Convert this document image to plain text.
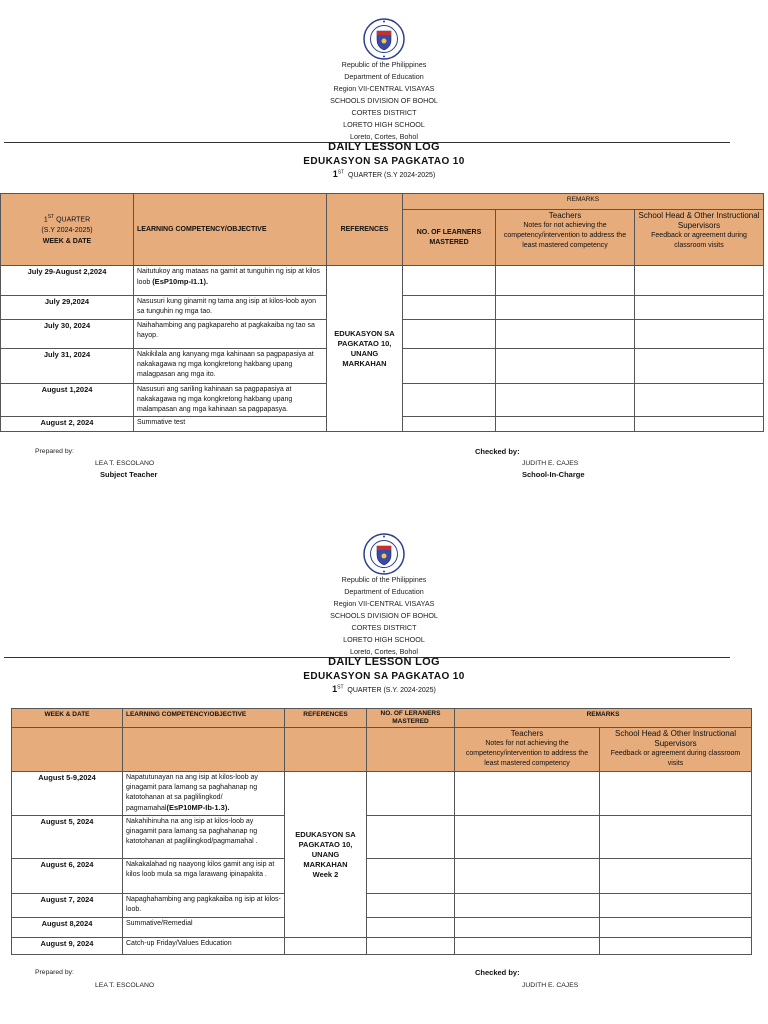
Republic of the Philippines
Department of Education
Region VII-CENTRAL VISAYAS
SCHOOLS DIVISION OF BOHOL
CORTES DISTRICT
LORETO HIGH SCHOOL
Loreto, Cortes, Bohol
DAILY LESSON LOG
EDUKASYON SA PAGKATAO 10
1ST QUARTER (S.Y 2024-2025)
1ST QUARTER
(S.Y 2024-2025)
WEEK & DATE	LEARNING COMPETENCY/OBJECTIVE	REFERENCES	REMARKS		
			NO. OF LEARNERS MASTERED	Teachers
Notes for not achieving the competency/intervention to address the least mastered competency	School Head & Other Instructional Supervisors
Feedback or agreement during classroom visits

July 29-August 2,2024	Naitutukoy ang mataas na gamit at tunguhin ng isip at kilos loob (EsP10mp-I1.1).	EDUKASYON SA PAGKATAO 10, UNANG MARKAHAN			
July 29,2024	Nasusuri kung ginamit ng tama ang isip at kilos-loob ayon sa tunguhin ng mga tao.				
July 30, 2024	Naihahambing ang pagkapareho at pagkakaiba ng tao sa hayop.				
July 31, 2024	Nakikilala ang kanyang mga kahinaan sa pagpapasiya at nakakagawa ng mga kongkretong hakbang upang malagpasan ang mga ito.				
August 1,2024	Nasusuri ang sariling kahinaan sa pagpapasiya at nakakagawa ng mga kongkretong hakbang upang malampasan ang mga kahinaan sa pagpapasya.				
August 2, 2024	Summative test				
Prepared by:
LEA T. ESCOLANO
Subject Teacher
Checked by:
JUDITH E. CAJES
School-In-Charge
Republic of the Philippines
Department of Education
Region VII-CENTRAL VISAYAS
SCHOOLS DIVISION OF BOHOL
CORTES DISTRICT
LORETO HIGH SCHOOL
Loreto, Cortes, Bohol
DAILY LESSON LOG
EDUKASYON SA PAGKATAO 10
1ST QUARTER (S.Y. 2024-2025)
WEEK & DATE	LEARNING COMPETENCY/OBJECTIVE	REFERENCES	NO. OF LERANERS MASTERED	REMARKS	

				Teachers
Notes for not achieving the competency/intervention to address the least mastered competency	School Head & Other Instructional Supervisors
Feedback or agreement during classroom visits

August 5-9,2024	Napatutunayan na ang isip at kilos-loob ay ginagamit para lamang sa paghahanap ng katotohanan at sa paglilingkod/ pagmamahal(EsP10MP-Ib-1.3).	EDUKASYON SA PAGKATAO 10, UNANG MARKAHAN Week 2			
August 5, 2024	Nakahihinuha na ang isip at kilos-loob ay ginagamit para lamang sa paghahanap ng katotohanan at paglilingkod/pagmamahal .				
August 6, 2024	Nakakalahad ng naayong kilos gamit ang isip at kilos loob mula sa mga larawang ipinapakita .				
August 7, 2024	Napaghahambing ang pagkakaiba ng isip at kilos-loob.				
August 8,2024	Summative/Remedial				
August 9, 2024	Catch-up Friday/Values Education				
Prepared by:
LEA T. ESCOLANO
Checked by:
JUDITH E. CAJES
